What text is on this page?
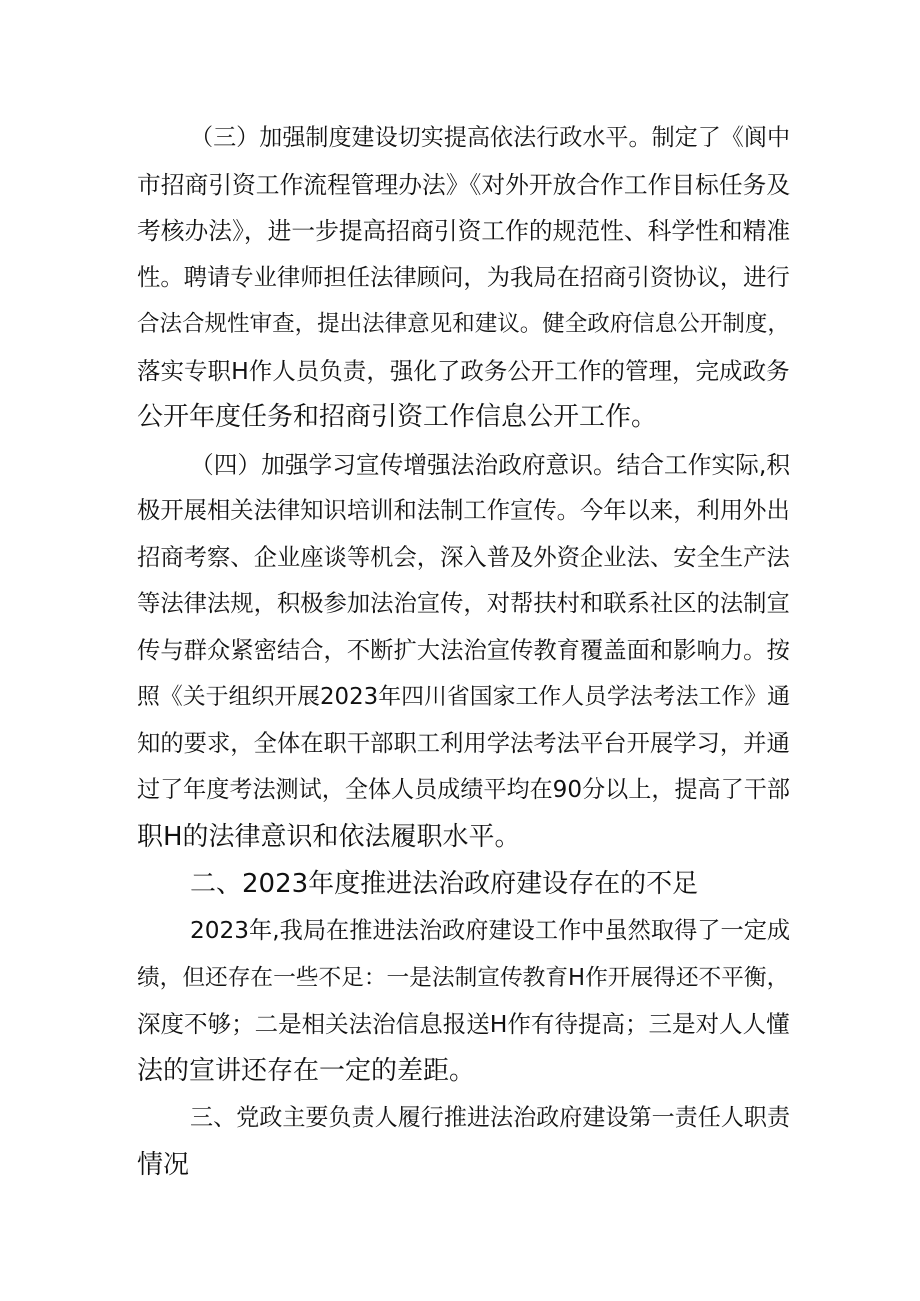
（三）加强制度建设切实提高依法行政水平。制定了《阆中
市招商引资工作流程管理办法》《对外开放合作工作目标任务及
考核办法》，进一步提高招商引资工作的规范性、科学性和精准
性。聘请专业律师担任法律顾问，为我局在招商引资协议，进行
合法合规性审查，提出法律意见和建议。健全政府信息公开制度，
落实专职H作人员负责，强化了政务公开工作的管理，完成政务
公开年度任务和招商引资工作信息公开工作。
（四）加强学习宣传增强法治政府意识。结合工作实际,积
极开展相关法律知识培训和法制工作宣传。今年以来，利用外出
招商考察、企业座谈等机会，深入普及外资企业法、安全生产法
等法律法规，积极参加法治宣传，对帮扶村和联系社区的法制宣
传与群众紧密结合，不断扩大法治宣传教育覆盖面和影响力。按
照《关于组织开展2023年四川省国家工作人员学法考法工作》通
知的要求，全体在职干部职工利用学法考法平台开展学习，并通
过了年度考法测试，全体人员成绩平均在90分以上，提高了干部
职H的法律意识和依法履职水平。
二、2023年度推进法治政府建设存在的不足
2023年,我局在推进法治政府建设工作中虽然取得了一定成
绩，但还存在一些不足：一是法制宣传教育H作开展得还不平衡，
深度不够；二是相关法治信息报送H作有待提高；三是对人人懂
法的宣讲还存在一定的差距。
三、党政主要负责人履行推进法治政府建设第一责任人职责
情况
